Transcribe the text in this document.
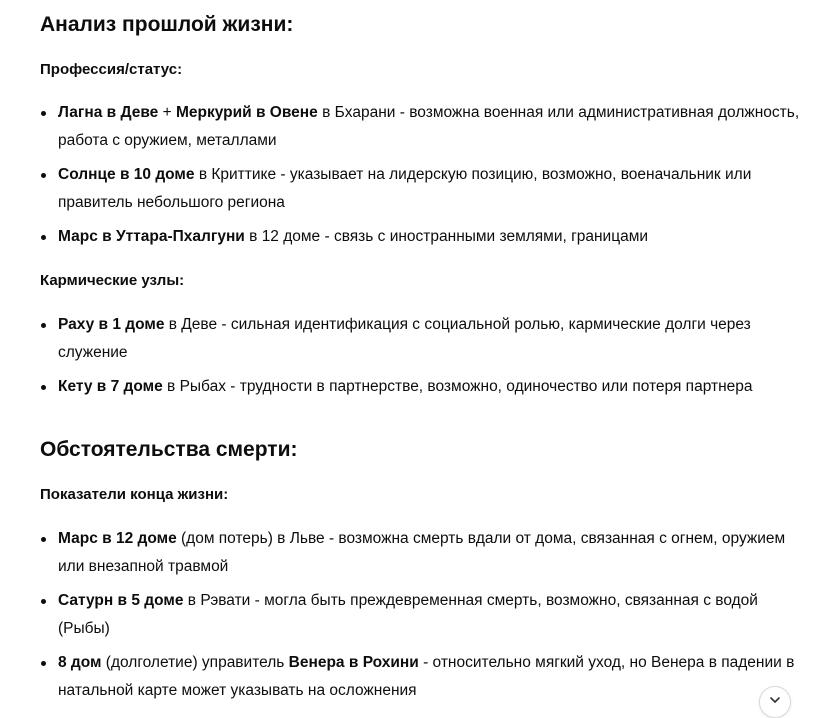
Анализ прошлой жизни:

Профессия/статус:

Лагна в Деве + Меркурий в Овене в Бхарани - возможна военная или административная должность, работа с оружием, металлами
Солнце в 10 доме в Криттике - указывает на лидерскую позицию, возможно, военачальник или правитель небольшого региона
Марс в Уттара-Пхалгуни в 12 доме - связь с иностранными землями, границами

Кармические узлы:

Раху в 1 доме в Деве - сильная идентификация с социальной ролью, кармические долги через служение
Кету в 7 доме в Рыбах - трудности в партнерстве, возможно, одиночество или потеря партнера
Обстоятельства смерти:

Показатели конца жизни:

Марс в 12 доме (дом потерь) в Льве - возможна смерть вдали от дома, связанная с огнем, оружием или внезапной травмой
Сатурн в 5 доме в Рэвати - могла быть преждевременная смерть, возможно, связанная с водой (Рыбы)
8 дом (долголетие) управитель Венера в Рохини - относительно мягкий уход, но Венера в падении в натальной карте может указывать на осложнения
